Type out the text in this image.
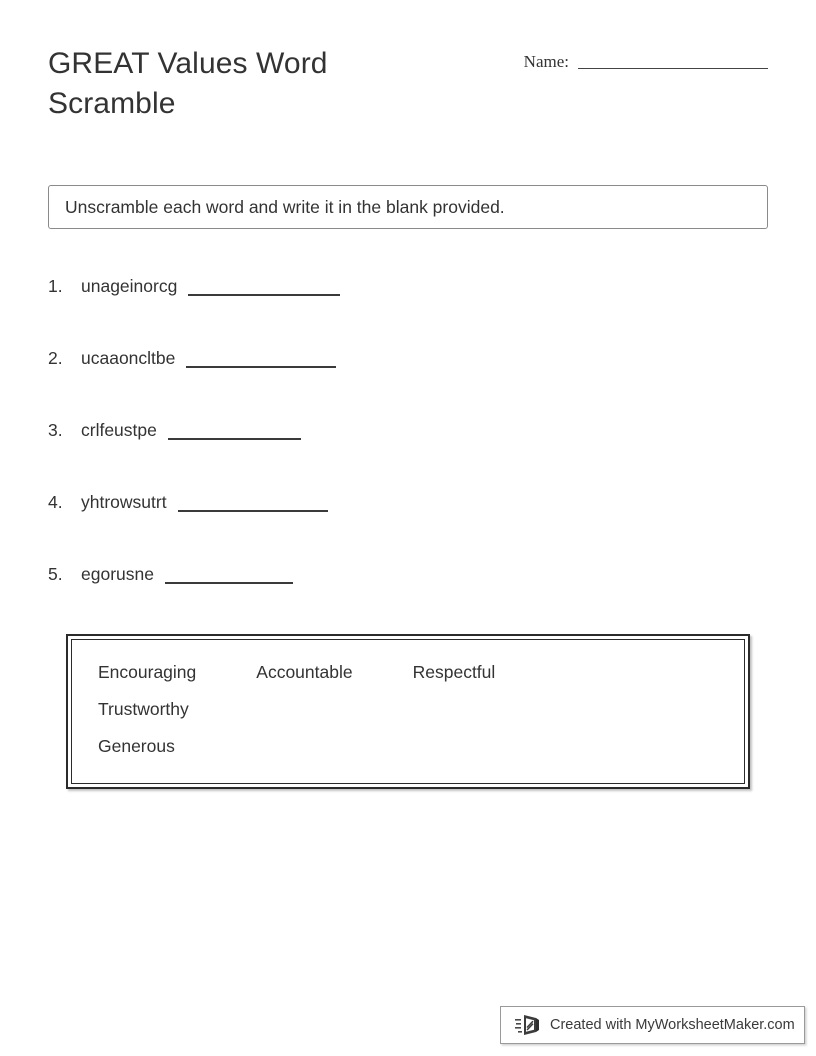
GREAT Values Word Scramble
Name:
Unscramble each word and write it in the blank provided.
1.	unageinorcg
2.	ucaaoncltbe
3.	crlfeustpe
4.	yhtrowsutrt
5.	egorusne
Encouraging	Accountable	Respectful
Trustworthy
Generous
Created with MyWorksheetMaker.com
